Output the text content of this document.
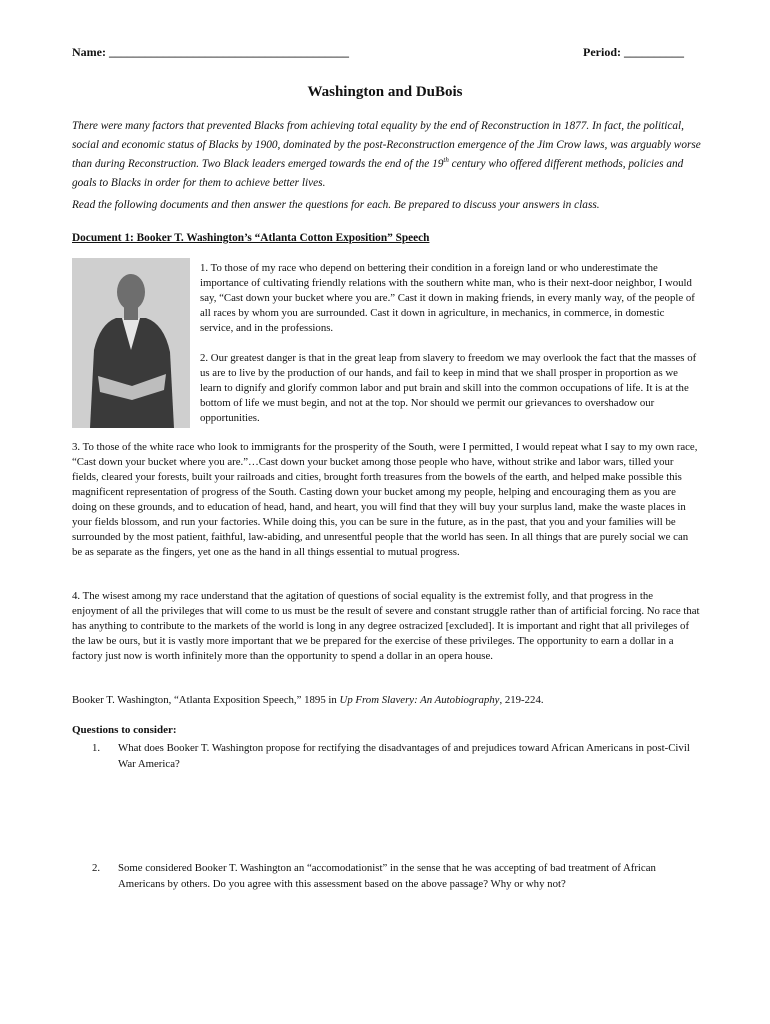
Name: ________________________________________	Period: __________
Washington and DuBois

There were many factors that prevented Blacks from achieving total equality by the end of Reconstruction in 1877. In fact, the political, social and economic status of Blacks by 1900, dominated by the post-Reconstruction emergence of the Jim Crow laws, was arguably worse than during Reconstruction. Two Black leaders emerged towards the end of the 19th century who offered different methods, policies and goals to Blacks in order for them to achieve better lives.

Read the following documents and then answer the questions for each. Be prepared to discuss your answers in class.

Document 1: Booker T. Washington’s “Atlanta Cotton Exposition” Speech

1. To those of my race who depend on bettering their condition in a foreign land or who underestimate the importance of cultivating friendly relations with the southern white man, who is their next-door neighbor, I would say, “Cast down your bucket where you are.” Cast it down in making friends, in every manly way, of the people of all races by whom you are surrounded. Cast it down in agriculture, in mechanics, in commerce, in domestic service, and in the professions.

2. Our greatest danger is that in the great leap from slavery to freedom we may overlook the fact that the masses of us are to live by the production of our hands, and fail to keep in mind that we shall prosper in proportion as we learn to dignify and glorify common labor and put brain and skill into the common occupations of life. It is at the bottom of life we must begin, and not at the top. Nor should we permit our grievances to overshadow our opportunities.

3. To those of the white race who look to immigrants for the prosperity of the South, were I permitted, I would repeat what I say to my own race, “Cast down your bucket where you are.”…Cast down your bucket among those people who have, without strike and labor wars, tilled your fields, cleared your forests, built your railroads and cities, brought forth treasures from the bowels of the earth, and helped make possible this magnificent representation of progress of the South. Casting down your bucket among my people, helping and encouraging them as you are doing on these grounds, and to education of head, hand, and heart, you will find that they will buy your surplus land, make the waste places in your fields blossom, and run your factories. While doing this, you can be sure in the future, as in the past, that you and your families will be surrounded by the most patient, faithful, law-abiding, and unresentful people that the world has seen. In all things that are purely social we can be as separate as the fingers, yet one as the hand in all things essential to mutual progress.

4. The wisest among my race understand that the agitation of questions of social equality is the extremist folly, and that progress in the enjoyment of all the privileges that will come to us must be the result of severe and constant struggle rather than of artificial forcing. No race that has anything to contribute to the markets of the world is long in any degree ostracized [excluded]. It is important and right that all privileges of the law be ours, but it is vastly more important that we be prepared for the exercise of these privileges. The opportunity to earn a dollar in a factory just now is worth infinitely more than the opportunity to spend a dollar in an opera house.

Booker T. Washington, “Atlanta Exposition Speech,” 1895 in Up From Slavery: An Autobiography, 219-224.

Questions to consider:

1. What does Booker T. Washington propose for rectifying the disadvantages of and prejudices toward African Americans in post-Civil War America?
2. Some considered Booker T. Washington an “accomodationist” in the sense that he was accepting of bad treatment of African Americans by others. Do you agree with this assessment based on the above passage? Why or why not?
